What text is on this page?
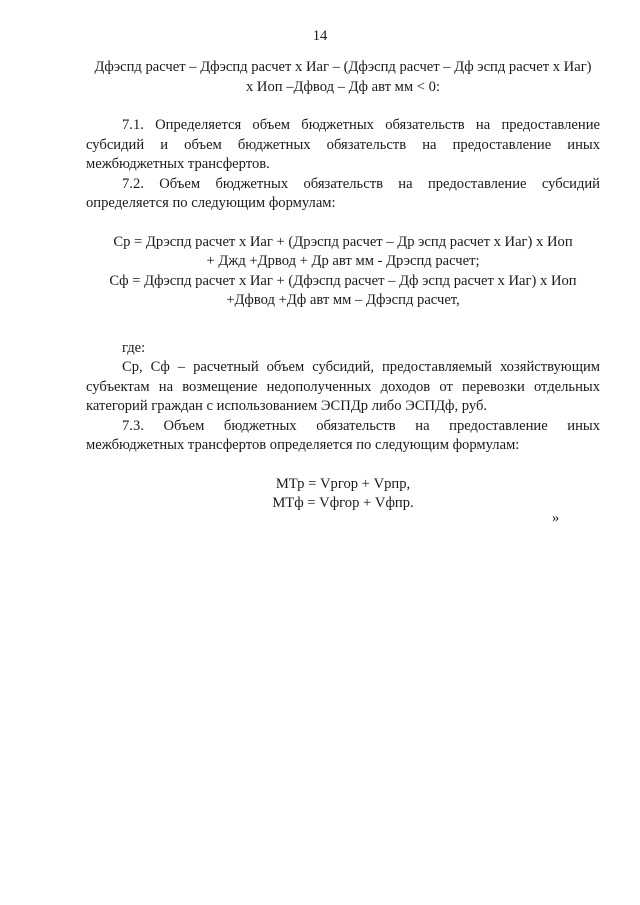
14
Дфэспд расчет – Дфэспд расчет х Иаг – (Дфэспд расчет – Дф эспд расчет х Иаг)
х Иоп –Дфвод – Дф авт мм < 0:

7.1. Определяется объем бюджетных обязательств на предоставление субсидий и объем бюджетных обязательств на предоставление иных межбюджетных трансфертов.

7.2. Объем бюджетных обязательств на предоставление субсидий определяется по следующим формулам:

Ср = Дрэспд расчет х Иаг + (Дрэспд расчет – Др эспд расчет х Иаг) х Иоп
+ Джд +Дрвод + Др авт мм - Дрэспд расчет;
Сф = Дфэспд расчет х Иаг + (Дфэспд расчет – Дф эспд расчет х Иаг) х Иоп
+Дфвод +Дф авт мм – Дфэспд расчет,

где:

Ср, Сф – расчетный объем субсидий, предоставляемый хозяйствующим субъектам на возмещение недополученных доходов от перевозки отдельных категорий граждан с использованием ЭСПДр либо ЭСПДф, руб.

7.3. Объем бюджетных обязательств на предоставление иных межбюджетных трансфертов определяется по следующим формулам:

МТр = Vргор + Vрпр,
МТф = Vфгор + Vфпр.
»
